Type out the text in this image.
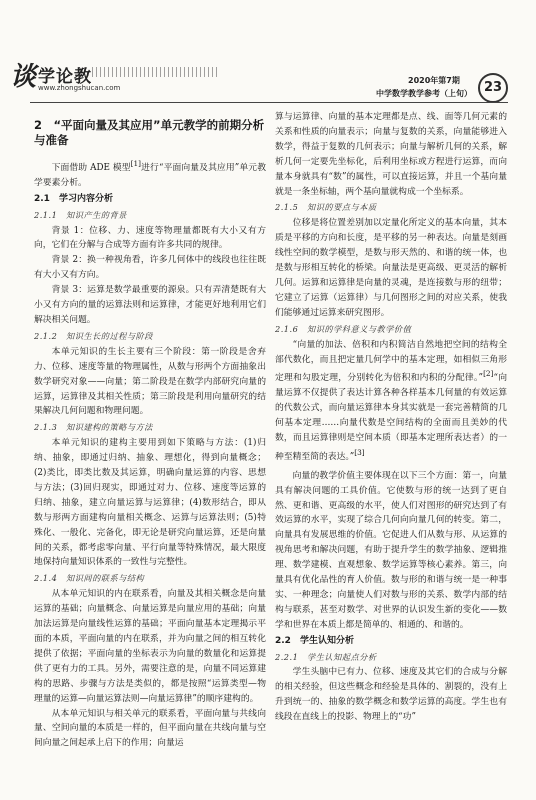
谈 学论教
www.zhongshucan.com
2020年第7期
中学数学教学参考（上旬） 23
2　“平面向量及其应用”单元教学的前期分析与准备

下面借助 ADE 模型[1]进行“平面向量及其应用”单元教学要素分析。

2.1　学习内容分析
2.1.1　知识产生的背景

背景 1：位移、力、速度等物理量都既有大小又有方向，它们在分解与合成等方面有许多共同的规律。

背景 2：换一种视角看，许多几何体中的线段也往往既有大小又有方向。

背景 3：运算是数学最重要的源泉。只有弄清楚既有大小又有方向的量的运算法则和运算律，才能更好地利用它们解决相关问题。

2.1.2　知识生长的过程与阶段

本单元知识的生长主要有三个阶段：第一阶段是舍弃力、位移、速度等量的物理属性，从数与形两个方面抽象出数学研究对象——向量；第二阶段是在数学内部研究向量的运算，运算律及其相关性质；第三阶段是利用向量研究的结果解决几何问题和物理问题。

2.1.3　知识建构的策略与方法

本单元知识的建构主要用到如下策略与方法：(1)归纳、抽象，即通过归纳、抽象、理想化，得到向量概念；(2)类比，即类比数及其运算，明确向量运算的内容、思想与方法；(3)回归现实，即通过对力、位移、速度等运算的归纳、抽象，建立向量运算与运算律；(4)数形结合，即从数与形两方面建构向量相关概念、运算与运算法则；(5)特殊化、一般化、完备化，即无论是研究向量运算，还是向量间的关系，都考虑零向量、平行向量等特殊情况，最大限度地保持向量知识体系的一致性与完整性。

2.1.4　知识间的联系与结构

从本单元知识的内在联系看，向量及其相关概念是向量运算的基础；向量概念、向量运算是向量应用的基础；向量加法运算是向量线性运算的基础；平面向量基本定理揭示平面的本质，平面向量的内在联系，并为向量之间的相互转化提供了依据；平面向量的坐标表示为向量的数量化和运算提供了更有力的工具。另外，需要注意的是，向量不同运算建构的思路、步骤与方法是类似的，都是按照“运算类型—物理量的运算—向量运算法则—向量运算律”的顺序建构的。

从本单元知识与相关单元的联系看，平面向量与共线向量、空间向量的本质是一样的，但平面向量在共线向量与空间向量之间起承上启下的作用；向量运

算与运算律、向量的基本定理都是点、线、面等几何元素的关系和性质的向量表示；向量与复数的关系，向量能够进入数学，得益于复数的几何表示；向量与解析几何的关系，解析几何一定要先坐标化，后利用坐标或方程进行运算，而向量本身就具有“数”的属性，可以直接运算，并且一个基向量就是一条坐标轴，两个基向量就构成一个坐标系。

2.1.5　知识的要点与本质

位移是将位置差别加以定量化所定义的基本向量，其本质是平移的方向和长度，是平移的另一种表达。向量是刻画线性空间的数学模型，是数与形天然的、和谐的统一体，也是数与形相互转化的桥梁。向量法是更高级、更灵活的解析几何。运算和运算律是向量的灵魂，是连接数与形的纽带；它建立了运算（运算律）与几何图形之间的对应关系，使我们能够通过运算来研究图形。

2.1.6　知识的学科意义与教学价值

“向量的加法、倍积和内积简洁自然地把空间的结构全部代数化，而且把定量几何学中的基本定理，如相似三角形定理和勾股定理，分别转化为倍积和内积的分配律。”[2]“向量运算不仅提供了表达计算各种各样基本几何量的有效运算的代数公式，而向量运算律本身其实就是一套完善精简的几何基本定理……向量代数是空间结构的全面而且美妙的代数，而且运算律则是空间本质（即基本定理所表达者）的一种至精至简的表达。”[3]

向量的教学价值主要体现在以下三个方面：第一，向量具有解决问题的工具价值。它使数与形的统一达到了更自然、更和谐、更高级的水平，使人们对图形的研究达到了有效运算的水平，实现了综合几何向向量几何的转变。第二，向量具有发展思维的价值。它促进人们从数与形、从运算的视角思考和解决问题，有助于提升学生的数学抽象、逻辑推理、数学建模、直观想象、数学运算等核心素养。第三，向量具有优化品性的育人价值。数与形的和谐与统一是一种事实、一种理念；向量使人们对数与形的关系、数学内部的结构与联系，甚至对数学、对世界的认识发生新的变化——数学和世界在本质上都是简单的、相通的、和谐的。

2.2　学生认知分析
2.2.1　学生认知起点分析

学生头脑中已有力、位移、速度及其它们的合成与分解的相关经验，但这些概念和经验是具体的、割裂的，没有上升到统一的、抽象的数学概念和数学运算的高度。学生也有线段在直线上的投影、物理上的“功”
